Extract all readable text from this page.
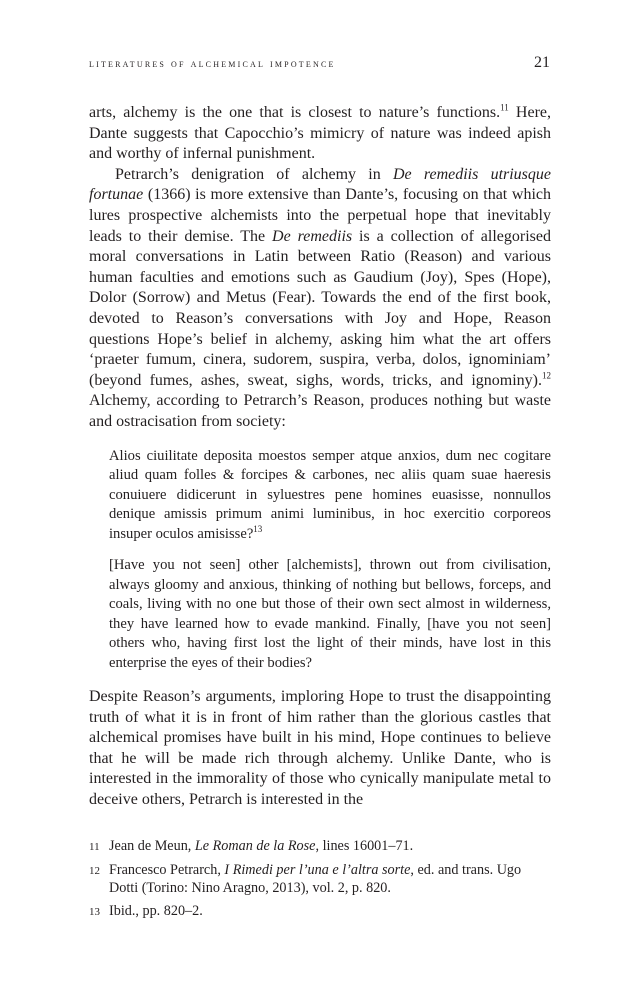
literatures of alchemical impotence	21

arts, alchemy is the one that is closest to nature’s functions.$^{11}$ Here, Dante suggests that Capocchio’s mimicry of nature was indeed apish and worthy of infernal punishment.

Petrarch’s denigration of alchemy in De remediis utriusque fortunae (1366) is more extensive than Dante’s, focusing on that which lures prospective alchemists into the perpetual hope that inevitably leads to their demise. The De remediis is a collection of allegorised moral conversations in Latin between Ratio (Reason) and various human faculties and emotions such as Gaudium (Joy), Spes (Hope), Dolor (Sorrow) and Metus (Fear). Towards the end of the first book, devoted to Reason’s conversations with Joy and Hope, Reason questions Hope’s belief in alchemy, asking him what the art offers ‘praeter fumum, cinera, sudorem, suspira, verba, dolos, ignominiam’ (beyond fumes, ashes, sweat, sighs, words, tricks, and ignominy).$^{12}$ Alchemy, according to Petrarch’s Reason, produces nothing but waste and ostracisation from society:

Alios ciuilitate deposita moestos semper atque anxios, dum nec cogitare aliud quam folles & forcipes & carbones, nec aliis quam suae haeresis conuiuere didicerunt in syluestres pene homines euasisse, nonnullos denique amissis primum animi luminibus, in hoc exercitio corporeos insuper oculos amisisse?$^{13}$

[Have you not seen] other [alchemists], thrown out from civilisation, always gloomy and anxious, thinking of nothing but bellows, forceps, and coals, living with no one but those of their own sect almost in wilderness, they have learned how to evade mankind. Finally, [have you not seen] others who, having first lost the light of their minds, have lost in this enterprise the eyes of their bodies?

Despite Reason’s arguments, imploring Hope to trust the disappointing truth of what it is in front of him rather than the glorious castles that alchemical promises have built in his mind, Hope continues to believe that he will be made rich through alchemy. Unlike Dante, who is interested in the immorality of those who cynically manipulate metal to deceive others, Petrarch is interested in the

11 Jean de Meun, Le Roman de la Rose, lines 16001–71.
12 Francesco Petrarch, I Rimedi per l’una e l’altra sorte, ed. and trans. Ugo Dotti (Torino: Nino Aragno, 2013), vol. 2, p. 820.
13 Ibid., pp. 820–2.
